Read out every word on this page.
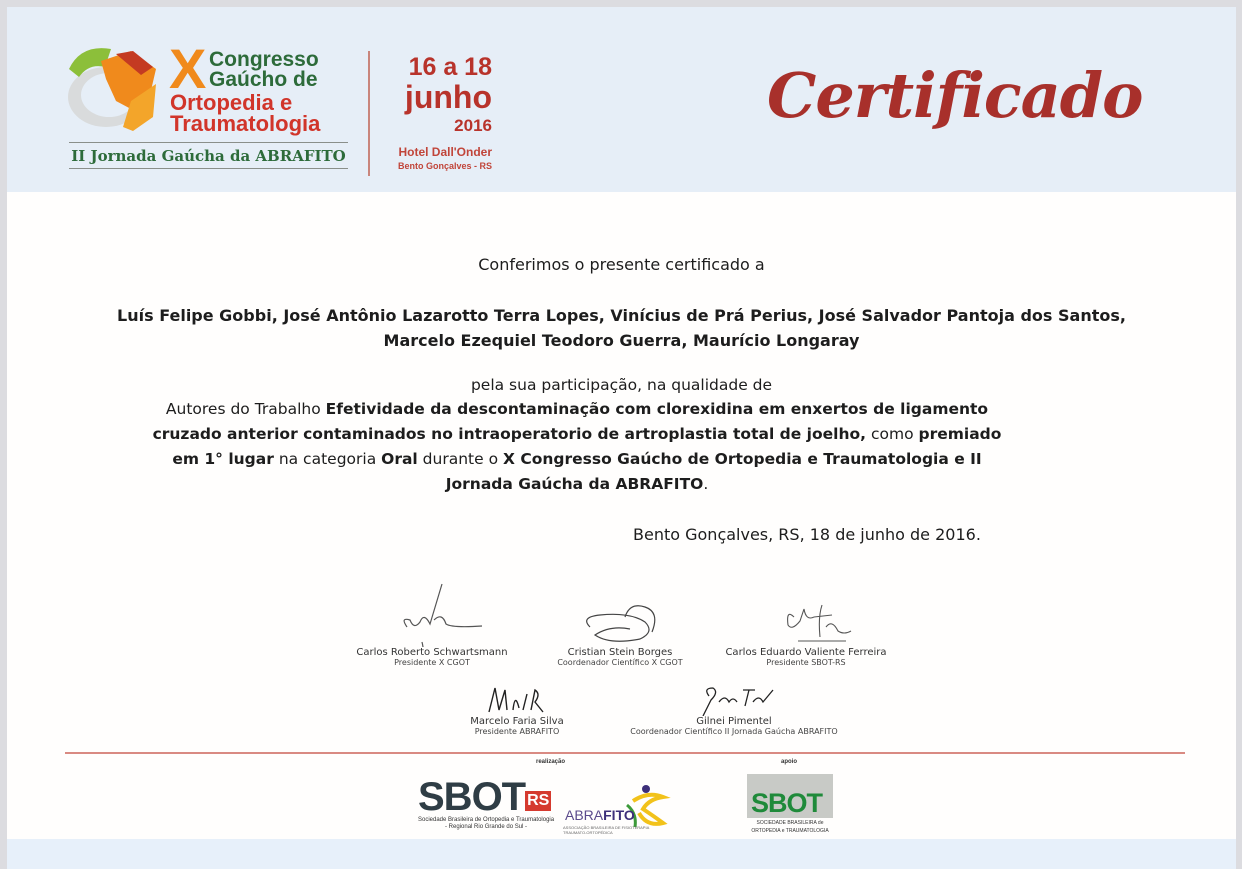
X Congresso
Gaúcho de
Ortopedia e
Traumatologia
II Jornada Gaúcha da ABRAFITO
16 a 18
junho
2016
Hotel Dall'Onder
Bento Gonçalves - RS
Certificado
Conferimos o presente certificado a
Luís Felipe Gobbi, José Antônio Lazarotto Terra Lopes, Vinícius de Prá Perius, José Salvador Pantoja dos Santos,
Marcelo Ezequiel Teodoro Guerra, Maurício Longaray
pela sua participação, na qualidade de
Autores do Trabalho Efetividade da descontaminação com clorexidina em enxertos de ligamento cruzado anterior contaminados no intraoperatorio de artroplastia total de joelho, como premiado em 1° lugar na categoria Oral durante o X Congresso Gaúcho de Ortopedia e Traumatologia e II Jornada Gaúcha da ABRAFITO.
Bento Gonçalves, RS, 18 de junho de 2016.
Carlos Roberto Schwartsmann
Presidente X CGOT
Cristian Stein Borges
Coordenador Científico X CGOT
Carlos Eduardo Valiente Ferreira
Presidente SBOT-RS
Marcelo Faria Silva
Presidente ABRAFITO
Gilnei Pimentel
Coordenador Científico II Jornada Gaúcha ABRAFITO
realização	apoio
SBOT RS
Sociedade Brasileira de Ortopedia e Traumatologia
- Regional Rio Grande do Sul -
ABRAFITO
ASSOCIAÇÃO BRASILEIRA DE FISIOTERAPIA TRAUMATO-ORTOPÉDICA
SBOT
SOCIEDADE BRASILEIRA de
ORTOPEDIA e TRAUMATOLOGIA
